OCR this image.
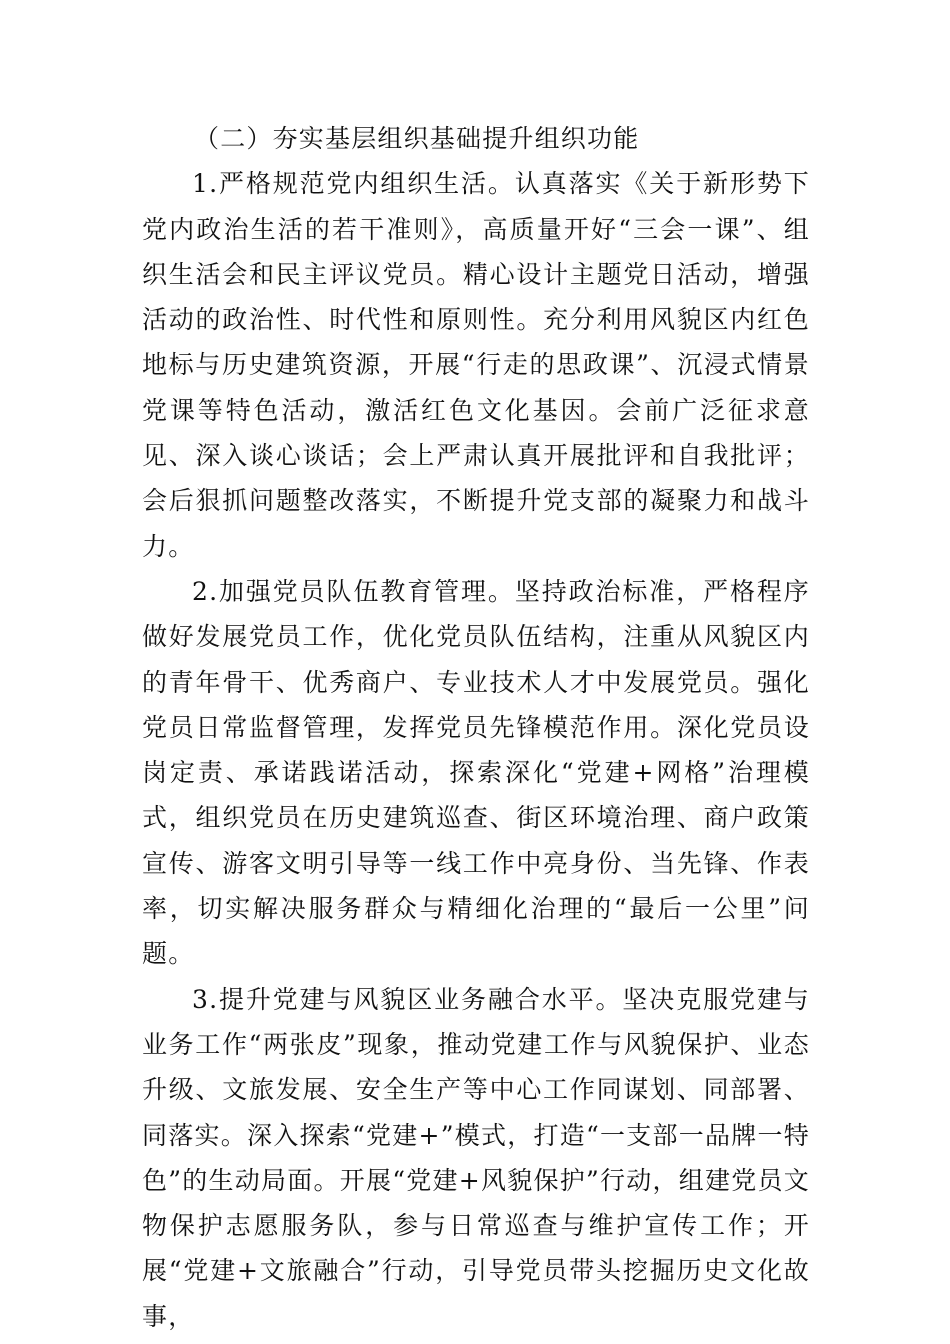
（二）夯实基层组织基础提升组织功能

1.严格规范党内组织生活。认真落实《关于新形势下党内政治生活的若干准则》，高质量开好“三会一课”、组织生活会和民主评议党员。精心设计主题党日活动，增强活动的政治性、时代性和原则性。充分利用风貌区内红色地标与历史建筑资源，开展“行走的思政课”、沉浸式情景党课等特色活动，激活红色文化基因。会前广泛征求意见、深入谈心谈话；会上严肃认真开展批评和自我批评；会后狠抓问题整改落实，不断提升党支部的凝聚力和战斗力。

2.加强党员队伍教育管理。坚持政治标准，严格程序做好发展党员工作，优化党员队伍结构，注重从风貌区内的青年骨干、优秀商户、专业技术人才中发展党员。强化党员日常监督管理，发挥党员先锋模范作用。深化党员设岗定责、承诺践诺活动，探索深化“党建+网格”治理模式，组织党员在历史建筑巡查、街区环境治理、商户政策宣传、游客文明引导等一线工作中亮身份、当先锋、作表率，切实解决服务群众与精细化治理的“最后一公里”问题。

3.提升党建与风貌区业务融合水平。坚决克服党建与业务工作“两张皮”现象，推动党建工作与风貌保护、业态升级、文旅发展、安全生产等中心工作同谋划、同部署、同落实。深入探索“党建+”模式，打造“一支部一品牌一特色”的生动局面。开展“党建+风貌保护”行动，组建党员文物保护志愿服务队，参与日常巡查与维护宣传工作；开展“党建+文旅融合”行动，引导党员带头挖掘历史文化故事，
